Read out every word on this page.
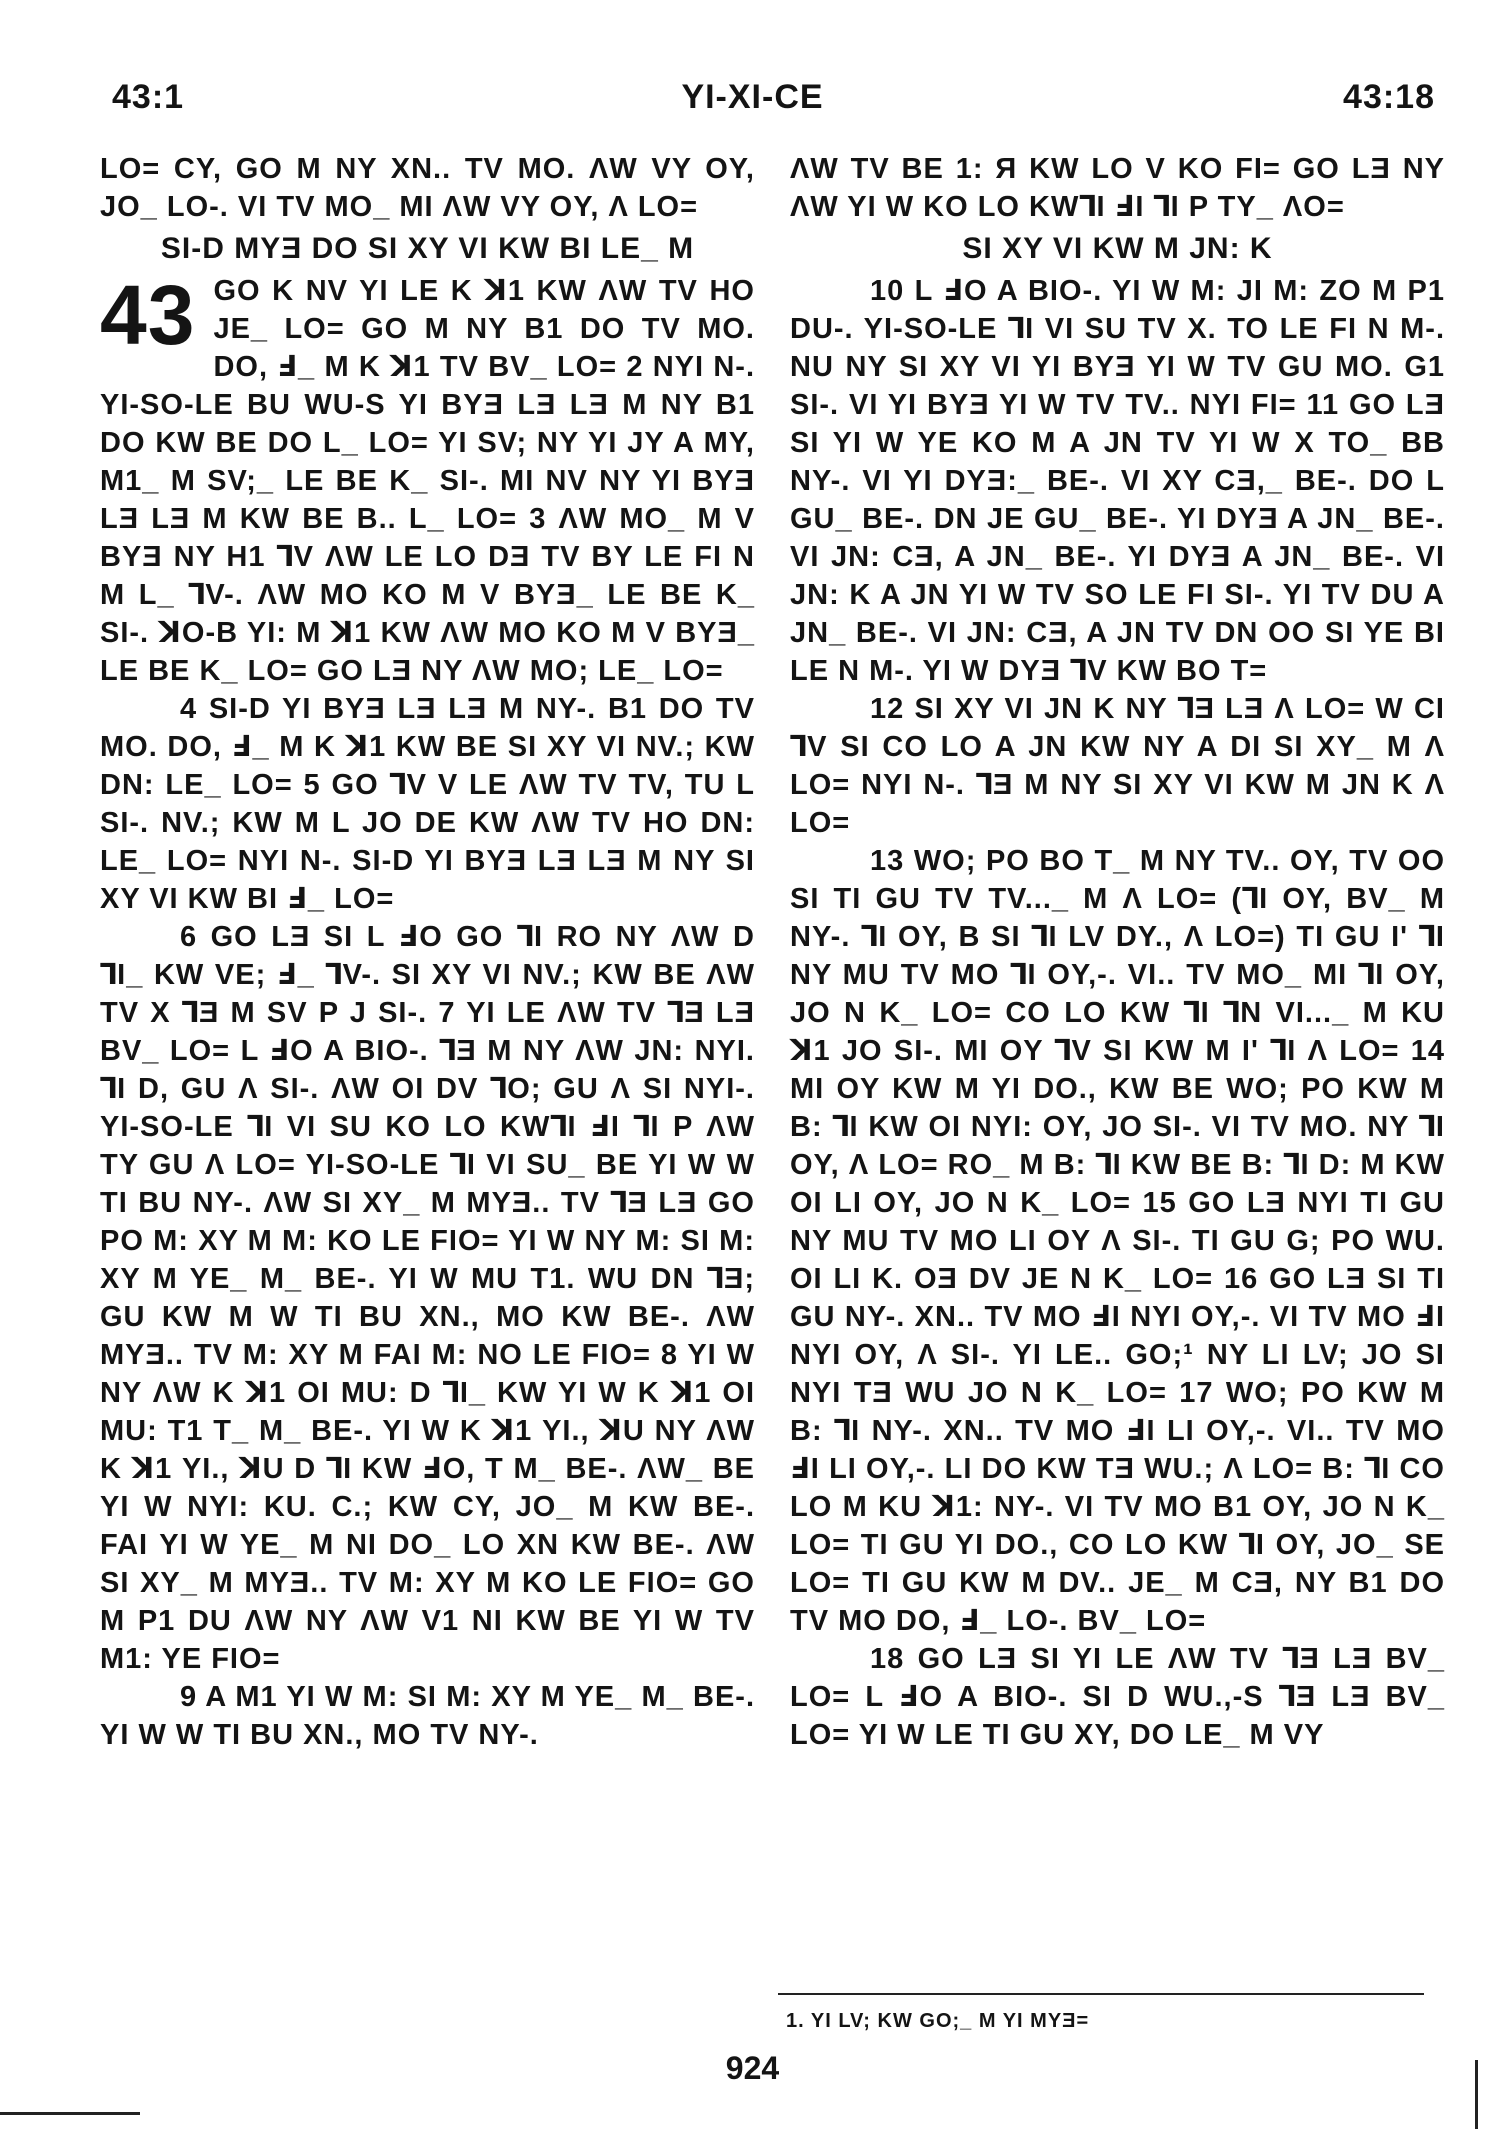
43:1	YI-XI-CE	43:18

LO= CY, GO M NY XN.. TV MO. ΛW VY OY, JO_ LO-. VI TV MO_ MI ΛW VY OY, Λ LO=

SI-D MYƎ DO SI XY VI KW BI LE_ M

43 GO K NV YI LE K ꓘ1 KW ΛW TV HO JE_ LO= GO M NY B1 DO TV MO. DO, Ⅎ_ M K ꓘ1 TV BV_ LO= 2 NYI N-. YI-SO-LE BU WU-S YI BYƎ LƎ LƎ M NY B1 DO KW BE DO L_ LO= YI SV; NY YI JY A MY, M1_ M SV;_ LE BE K_ SI-. MI NV NY YI BYƎ LƎ LƎ M KW BE B.. L_ LO= 3 ΛW MO_ M V BYƎ NY H1 ⅂V ΛW LE LO DƎ TV BY LE FI N M L_ ⅂V-. ΛW MO KO M V BYƎ_ LE BE K_ SI-. ꓘO-B YI: M ꓘ1 KW ΛW MO KO M V BYƎ_ LE BE K_ LO= GO LƎ NY ΛW MO; LE_ LO=

4 SI-D YI BYƎ LƎ LƎ M NY-. B1 DO TV MO. DO, Ⅎ_ M K ꓘ1 KW BE SI XY VI NV.; KW DN: LE_ LO= 5 GO ⅂V V LE ΛW TV TV, TU L SI-. NV.; KW M L JO DE KW ΛW TV HO DN: LE_ LO= NYI N-. SI-D YI BYƎ LƎ LƎ M NY SI XY VI KW BI Ⅎ_ LO=

6 GO LƎ SI L ℲO GO ⅂I RO NY ΛW D ⅂I_ KW VE; Ⅎ_ ⅂V-. SI XY VI NV.; KW BE ΛW TV X ⅂Ǝ M SV P J SI-. 7 YI LE ΛW TV ⅂Ǝ LƎ BV_ LO= L ℲO A BIO-. ⅂Ǝ M NY ΛW JN: NYI. ⅂I D, GU Λ SI-. ΛW OI DV ⅂O; GU Λ SI NYI-. YI-SO-LE ⅂I VI SU KO LO KW⅂I ℲI ⅂I P ΛW TY GU Λ LO= YI-SO-LE ⅂I VI SU_ BE YI W W TI BU NY-. ΛW SI XY_ M MYƎ.. TV ⅂Ǝ LƎ GO PO M: XY M M: KO LE FIO= YI W NY M: SI M: XY M YE_ M_ BE-. YI W MU T1. WU DN ⅂Ǝ; GU KW M W TI BU XN., MO KW BE-. ΛW MYƎ.. TV M: XY M FAI M: NO LE FIO= 8 YI W NY ΛW K ꓘ1 OI MU: D ⅂I_ KW YI W K ꓘ1 OI MU: T1 T_ M_ BE-. YI W K ꓘ1 YI., ꓘU NY ΛW K ꓘ1 YI., ꓘU D ⅂I KW ℲO, T M_ BE-. ΛW_ BE YI W NYI: KU. C.; KW CY, JO_ M KW BE-. FAI YI W YE_ M NI DO_ LO XN KW BE-. ΛW SI XY_ M MYƎ.. TV M: XY M KO LE FIO= GO M P1 DU ΛW NY ΛW V1 NI KW BE YI W TV M1: YE FIO=

9 A M1 YI W M: SI M: XY M YE_ M_ BE-. YI W W TI BU XN., MO TV NY-.

ΛW TV BE 1: Я KW LO V KO FI= GO LƎ NY ΛW YI W KO LO KW⅂I ℲI ⅂I P TY_ ΛO=

SI XY VI KW M JN: K

10 L ℲO A BIO-. YI W M: JI M: ZO M P1 DU-. YI-SO-LE ⅂I VI SU TV X. TO LE FI N M-. NU NY SI XY VI YI BYƎ YI W TV GU MO. G1 SI-. VI YI BYƎ YI W TV TV.. NYI FI= 11 GO LƎ SI YI W YE KO M A JN TV YI W X TO_ BB NY-. VI YI DYƎ:_ BE-. VI XY CƎ,_ BE-. DO L GU_ BE-. DN JE GU_ BE-. YI DYƎ A JN_ BE-. VI JN: CƎ, A JN_ BE-. YI DYƎ A JN_ BE-. VI JN: K A JN YI W TV SO LE FI SI-. YI TV DU A JN_ BE-. VI JN: CƎ, A JN TV DN OO SI YE BI LE N M-. YI W DYƎ ⅂V KW BO T=

12 SI XY VI JN K NY ⅂Ǝ LƎ Λ LO= W CI ⅂V SI CO LO A JN KW NY A DI SI XY_ M Λ LO= NYI N-. ⅂Ǝ M NY SI XY VI KW M JN K Λ LO=

13 WO; PO BO T_ M NY TV.. OY, TV OO SI TI GU TV TV..._ M Λ LO= (⅂I OY, BV_ M NY-. ⅂I OY, B SI ⅂I LV DY., Λ LO=) TI GU I' ⅂I NY MU TV MO ⅂I OY,-. VI.. TV MO_ MI ⅂I OY, JO N K_ LO= CO LO KW ⅂I ⅂N VI..._ M KU ꓘ1 JO SI-. MI OY ⅂V SI KW M I' ⅂I Λ LO= 14 MI OY KW M YI DO., KW BE WO; PO KW M B: ⅂I KW OI NYI: OY, JO SI-. VI TV MO. NY ⅂I OY, Λ LO= RO_ M B: ⅂I KW BE B: ⅂I D: M KW OI LI OY, JO N K_ LO= 15 GO LƎ NYI TI GU NY MU TV MO LI OY Λ SI-. TI GU G; PO WU. OI LI K. OƎ DV JE N K_ LO= 16 GO LƎ SI TI GU NY-. XN.. TV MO ℲI NYI OY,-. VI TV MO ℲI NYI OY, Λ SI-. YI LE.. GO;¹ NY LI LV; JO SI NYI TƎ WU JO N K_ LO= 17 WO; PO KW M B: ⅂I NY-. XN.. TV MO ℲI LI OY,-. VI.. TV MO ℲI LI OY,-. LI DO KW TƎ WU.; Λ LO= B: ⅂I CO LO M KU ꓘ1: NY-. VI TV MO B1 OY, JO N K_ LO= TI GU YI DO., CO LO KW ⅂I OY, JO_ SE LO= TI GU KW M DV.. JE_ M CƎ, NY B1 DO TV MO DO, Ⅎ_ LO-. BV_ LO=

18 GO LƎ SI YI LE ΛW TV ⅂Ǝ LƎ BV_ LO= L ℲO A BIO-. SI D WU.,-S ⅂Ǝ LƎ BV_ LO= YI W LE TI GU XY, DO LE_ M VY

1. YI LV; KW GO;_ M YI MYƎ=
924
